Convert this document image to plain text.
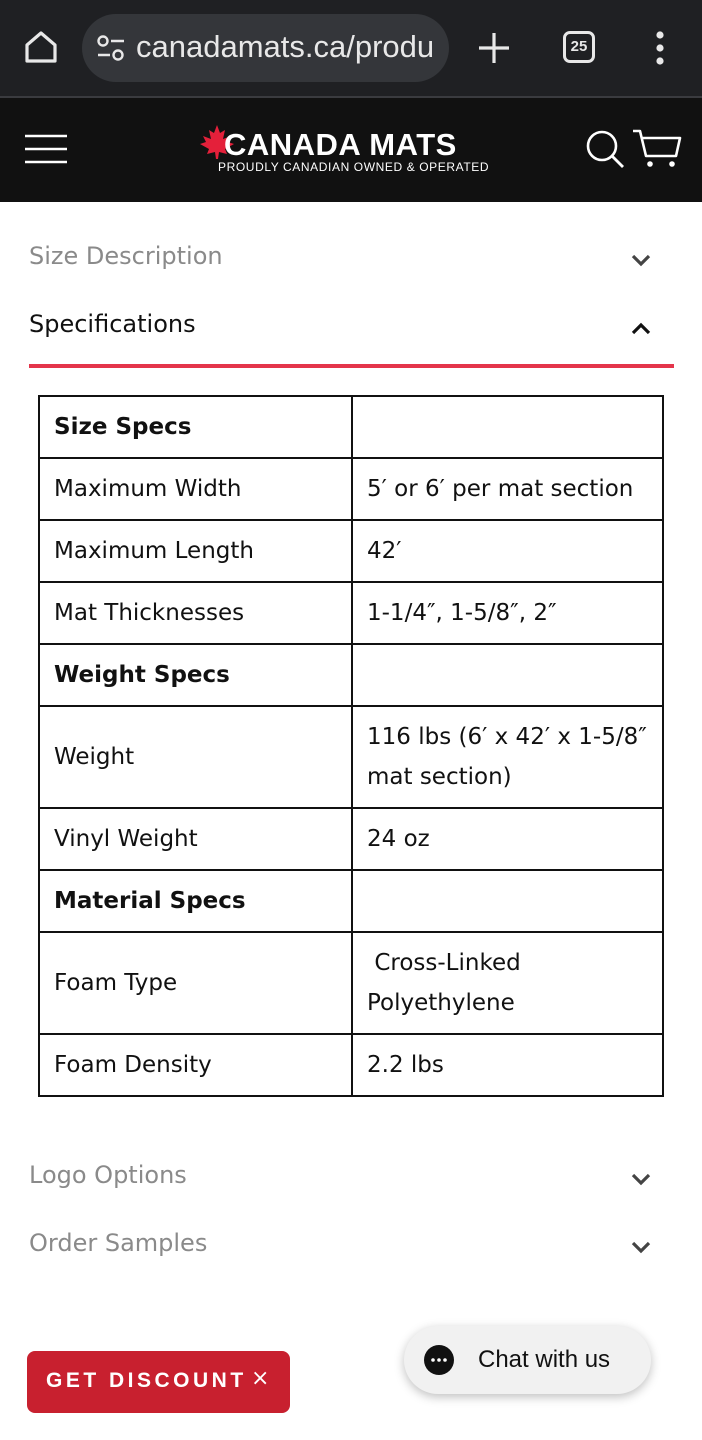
canadamats.ca/produ	25
CANADA MATS
PROUDLY CANADIAN OWNED & OPERATED
Size Description
Specifications
Size Specs	
Maximum Width	5′ or 6′ per mat section
Maximum Length	42′
Mat Thicknesses	1-1/4″, 1-5/8″, 2″
Weight Specs	
Weight	116 lbs (6′ x 42′ x 1-5/8″ mat section)
Vinyl Weight	24 oz
Material Specs	
Foam Type	Cross-Linked Polyethylene
Foam Density	2.2 lbs
Logo Options
Order Samples
Chat with us
GET DISCOUNT ×
